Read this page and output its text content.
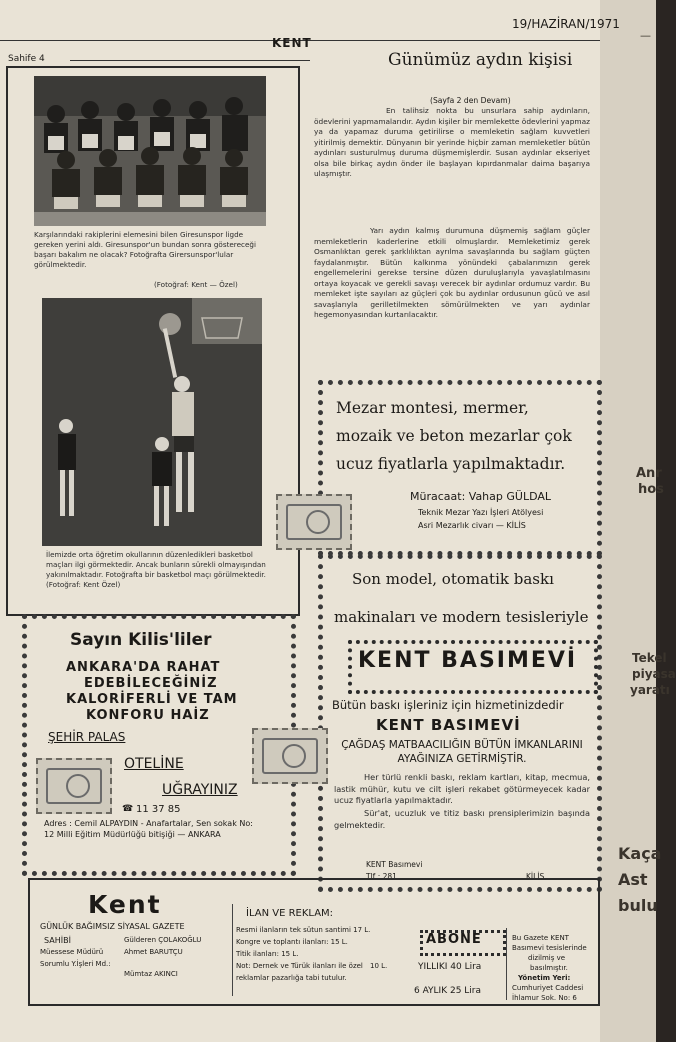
—
Anr
hos
Tekel
piyasa
yaratı
Kaça
Ast
bulu
Sahife 4
KENT
19/HAZİRAN/1971
Karşılarındaki rakiplerini elemesini bilen Giresunspor ligde gereken yerini aldı. Giresunspor'un bundan sonra göstereceği başarı bakalım ne olacak? Fotoğrafta Girersunspor'lular görülmektedir.
(Fotoğraf: Kent — Özel)
İlemizde orta öğretim okullarının düzenledikleri basketbol maçları ilgi görmektedir. Ancak bunların sürekli olmayışından yakınılmaktadır. Fotoğrafta bir basketbol maçı görülmektedir. (Fotoğraf: Kent Özel)
Günümüz aydın kişisi
(Sayfa 2 den Devam)
En talihsiz nokta bu unsurlara sahip aydınların, ödevlerini yapmamalarıdır. Aydın kişiler bir memlekette ödevlerini yapmaz ya da yapamaz duruma getirilirse o memleketin sağlam kuvvetleri yitirilmiş demektir. Dünyanın bir yerinde hiçbir zaman memleketler bütün aydınları susturulmuş duruma düşmemişlerdir. Susan aydınlar ekseriyet olsa bile birkaç aydın önder ile başlayan kıpırdanmalar daima başarıya ulaşmıştır.
Yarı aydın kalmış durumuna düşmemiş sağlam güçler memleketlerin kaderlerine etkili olmuşlardır. Memleketimiz gerek Osmanlıktan gerek şarklılıktan ayrılma savaşlarında bu sağlam güçten faydalanmıştır. Bütün kalkınma yönündeki çabalarımızın gerek engellemelerini gerekse tersine düzen duruluşlarıyla yavaşlatılmasını ortaya koyacak ve gerekli savaşı verecek bir aydınlar ordumuz vardır. Bu memleket işte sayıları az güçleri çok bu aydınlar ordusunun gücü ve asıl savaşlarıyla gerilletilmekten sömürülmekten ve yarı aydınlar hegemonyasından kurtarılacaktır.
Mezar montesi, mermer, mozaik ve beton mezarlar çok ucuz fiyatlarla yapılmaktadır.
Müracaat: Vahap GÜLDAL
Teknik Mezar Yazı İşleri Atölyesi
Asri Mezarlık civarı — KİLİS
Son model, otomatik baskı
makinaları ve modern tesisleriyle
KENT BASIMEVİ
Bütün baskı işleriniz için hizmetinizdedir
KENT BASIMEVİ
ÇAĞDAŞ MATBAACILIĞIN BÜTÜN İMKANLARINI AYAĞINIZA GETİRMİŞTİR.
Her türlü renkli baskı, reklam kartları, kitap, mecmua, lastik mühür, kutu ve cilt işleri rekabet götürmeyecek kadar ucuz fiyatlarla yapılmaktadır.
Sür'at, ucuzluk ve titiz baskı prensiplerimizin başında gelmektedir.
KENT Basımevi
Tlf : 281	KİLİS
Sayın Kilis'liler
ANKARA'DA RAHAT
EDEBİLECEĞİNİZ
KALORİFERLİ VE TAM
KONFORU HAİZ
ŞEHİR PALAS
OTELİNE
UĞRAYINIZ
☎ 11 37 85
Adres : Cemil ALPAYDIN - Anafartalar, Sen sokak No: 12 Milli Eğitim Müdürlüğü bitişiği — ANKARA
Kent
GÜNLÜK BAĞIMSIZ SİYASAL GAZETE
SAHİBİ	Gülderen ÇOLAKOĞLU
Müessese Müdürü	Ahmet BARUTÇU
Sorumlu Y.İşleri Md.:
Mümtaz AKINCI
İLAN VE REKLAM:
Resmi ilanların tek sütun santimi 17 L.
Kongre ve toplantı ilanları: 15 L.
Titik ilanları: 15 L.
10 L.
Not: Dernek ve Türük ilanları ile özel
reklamlar pazarlığa tabi tutulur.
ABONE
YILLIKI 40 Lira
6 AYLIK 25 Lira
Bu Gazete KENT
Basımevi tesislerinde
dizilmiş ve
basılmıştır.
Yönetim Yeri:
Cumhuriyet Caddesi
İhlamur Sok. No: 6
